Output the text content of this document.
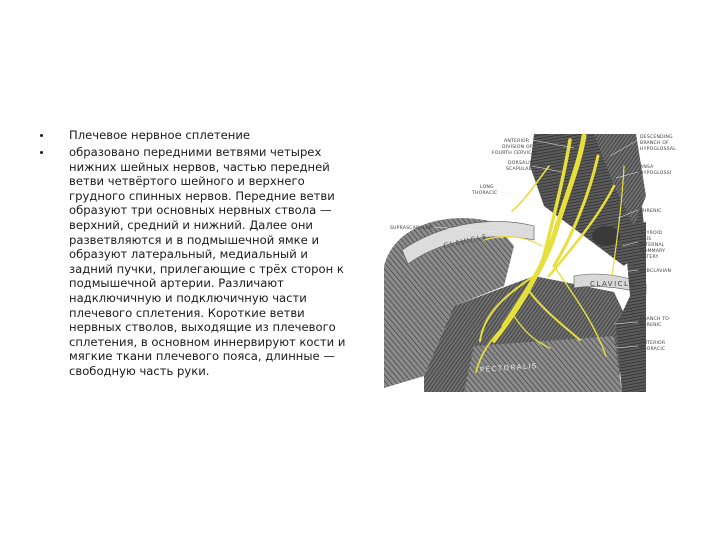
Плечевое нервное сплетение
образовано передними ветвями четырех нижних шейных нервов, частью передней ветви четвёртого шейного и верхнего грудного спинных нервов. Передние ветви образуют три основных нервных ствола — верхний, средний и нижний. Далее они разветвляются и в подмышечной ямке и образуют латеральный, медиальный и задний пучки, прилегающие с трёх сторон к подмышечной артерии. Различают надключичную и подключичную части плечевого сплетения. Короткие ветви нервных стволов, выходящие из плечевого сплетения, в основном иннервируют кости и мягкие ткани плечевого пояса, длинные — свободную часть руки.
ANTERIOR
DIVISION OF
FOURTH CERVICAL
DORSALIS
SCAPULAE
LONG
THORACIC
SUPRASCAPULAR
DESCENDING
BRANCH OF
HYPOGLOSSAL
ANSA
HYPOGLOSSI
PHRENIC
THYROID
AXIS
INTERNAL
MAMMARY
ARTERY
SUBCLAVIAN
BRANCH TO
PHRENIC
ANTERIOR
THORACIC
CLAVICLE
CLAVICLE
PECTORALIS
